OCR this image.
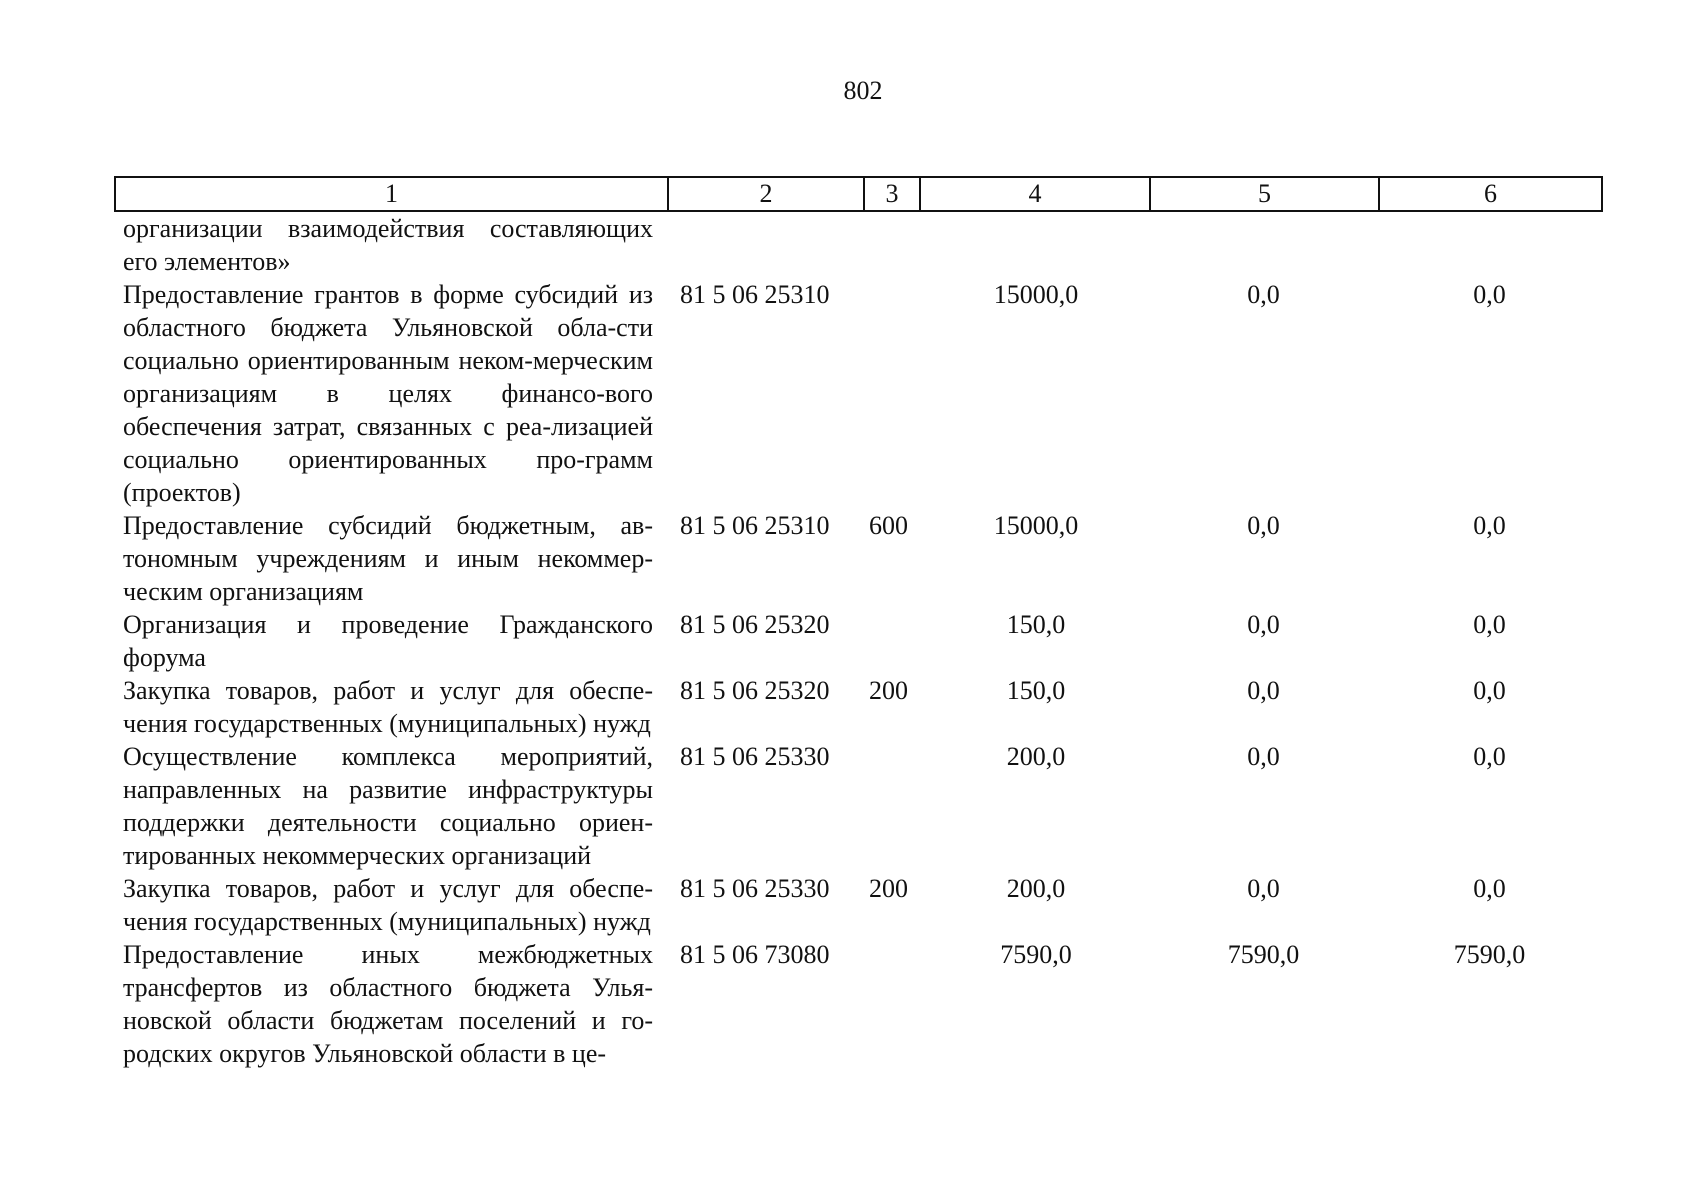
802
1	2	3	4	5	6
организации взаимодействия составляющих его элементов»					
Предоставление грантов в форме субсидий из областного бюджета Ульяновской обла-сти социально ориентированным неком-мерческим организациям в целях финансо-вого обеспечения затрат, связанных с реа-лизацией социально ориентированных про-грамм (проектов)	81 5 06 25310		15000,0	0,0	0,0
Предоставление субсидий бюджетным, ав-тономным учреждениям и иным некоммер-ческим организациям	81 5 06 25310	600	15000,0	0,0	0,0
Организация и проведение Гражданского форума	81 5 06 25320		150,0	0,0	0,0
Закупка товаров, работ и услуг для обеспе-чения государственных (муниципальных) нужд	81 5 06 25320	200	150,0	0,0	0,0
Осуществление комплекса мероприятий, направленных на развитие инфраструктуры поддержки деятельности социально ориен-тированных некоммерческих организаций	81 5 06 25330		200,0	0,0	0,0
Закупка товаров, работ и услуг для обеспе-чения государственных (муниципальных) нужд	81 5 06 25330	200	200,0	0,0	0,0
Предоставление иных межбюджетных трансфертов из областного бюджета Улья-новской области бюджетам поселений и го-родских округов Ульяновской области в це-	81 5 06 73080		7590,0	7590,0	7590,0
